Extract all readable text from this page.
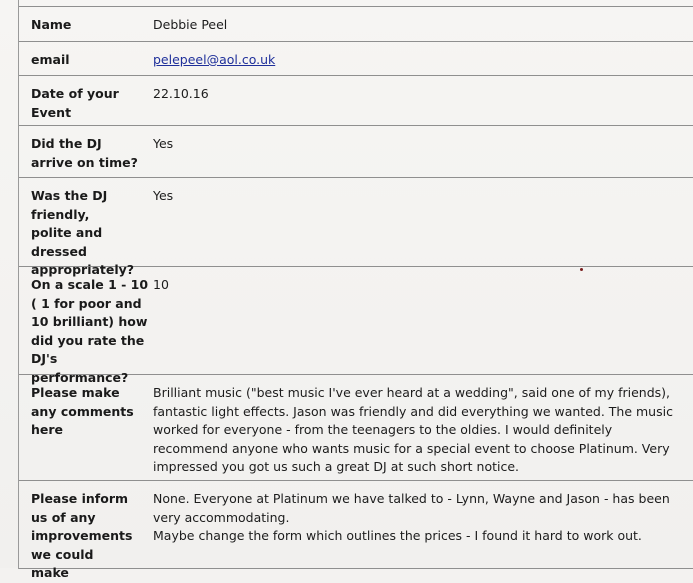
Name	Debbie Peel
email	pelepeel@aol.co.uk
Date of your Event
22.10.16
Did the DJ arrive on time?
Yes
Was the DJ friendly, polite and dressed appropriately?
Yes
On a scale 1 - 10 ( 1 for poor and 10 brilliant) how did you rate the DJ's performance?
10
Please make any comments here
Brilliant music ("best music I've ever heard at a wedding", said one of my friends), fantastic light effects. Jason was friendly and did everything we wanted. The music worked for everyone - from the teenagers to the oldies. I would definitely recommend anyone who wants music for a special event to choose Platinum. Very impressed you got us such a great DJ at such short notice.
Please inform us of any improvements we could make
None. Everyone at Platinum we have talked to - Lynn, Wayne and Jason - has been very accommodating.
Maybe change the form which outlines the prices - I found it hard to work out.
